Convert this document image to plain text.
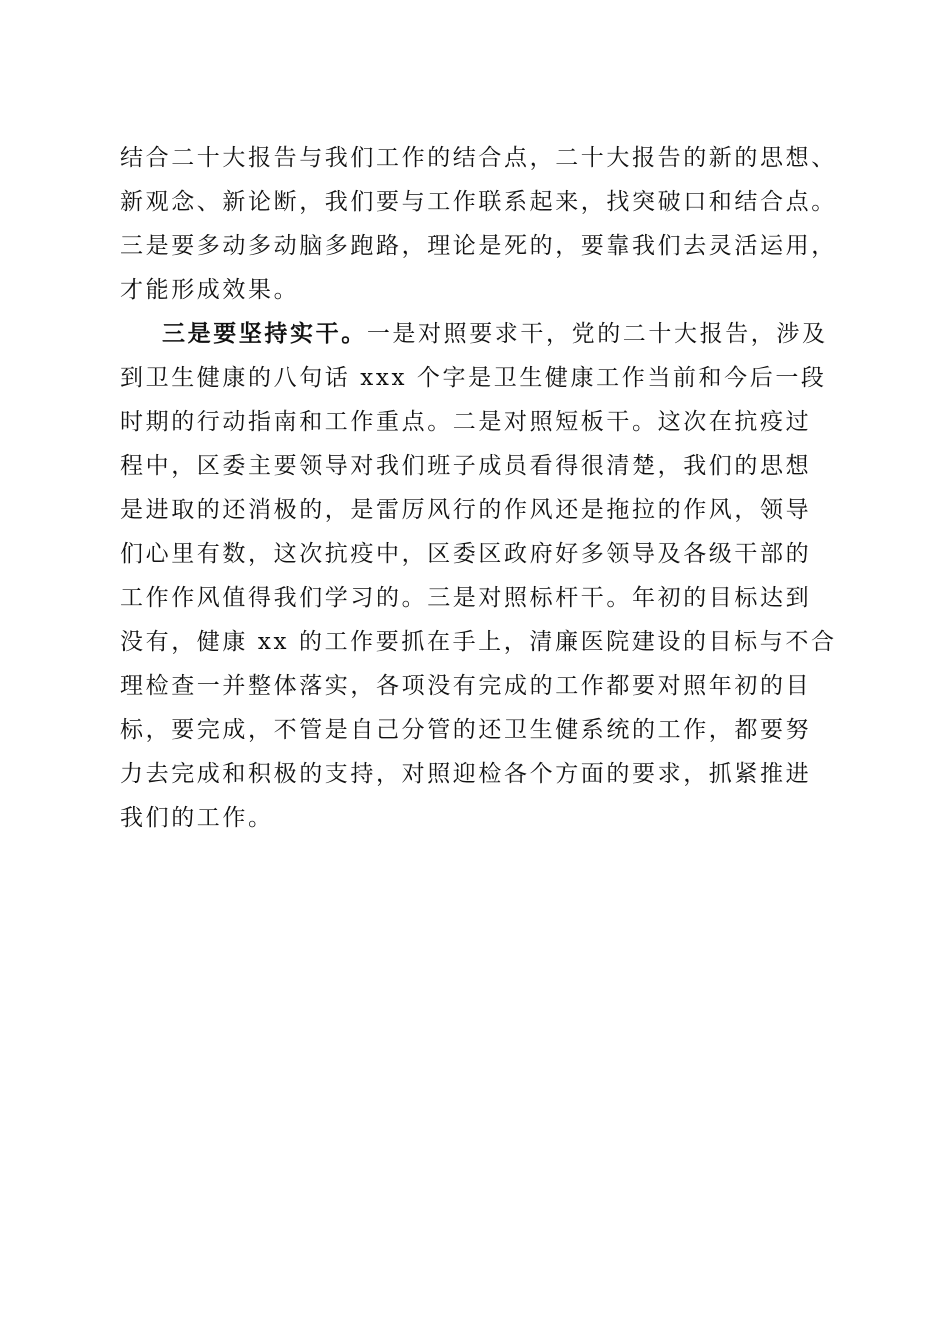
结合二十大报告与我们工作的结合点，二十大报告的新的思想、
新观念、新论断，我们要与工作联系起来，找突破口和结合点。
三是要多动多动脑多跑路，理论是死的，要靠我们去灵活运用，
才能形成效果。
三是要坚持实干。一是对照要求干，党的二十大报告，涉及
到卫生健康的八句话 xxx 个字是卫生健康工作当前和今后一段
时期的行动指南和工作重点。二是对照短板干。这次在抗疫过
程中，区委主要领导对我们班子成员看得很清楚，我们的思想
是进取的还消极的，是雷厉风行的作风还是拖拉的作风，领导
们心里有数，这次抗疫中，区委区政府好多领导及各级干部的
工作作风值得我们学习的。三是对照标杆干。年初的目标达到
没有，健康 xx 的工作要抓在手上，清廉医院建设的目标与不合
理检查一并整体落实，各项没有完成的工作都要对照年初的目
标，要完成，不管是自己分管的还卫生健系统的工作，都要努
力去完成和积极的支持，对照迎检各个方面的要求，抓紧推进
我们的工作。
